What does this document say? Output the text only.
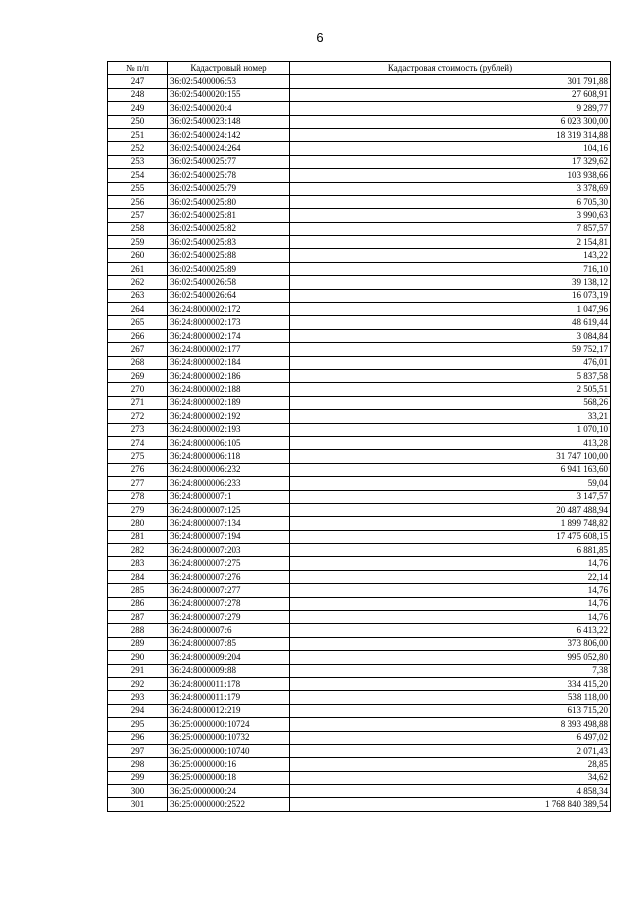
6
№ п/п	Кадастровый номер	Кадастровая стоимость (рублей)
247	36:02:5400006:53	301 791,88
248	36:02:5400020:155	27 608,91
249	36:02:5400020:4	9 289,77
250	36:02:5400023:148	6 023 300,00
251	36:02:5400024:142	18 319 314,88
252	36:02:5400024:264	104,16
253	36:02:5400025:77	17 329,62
254	36:02:5400025:78	103 938,66
255	36:02:5400025:79	3 378,69
256	36:02:5400025:80	6 705,30
257	36:02:5400025:81	3 990,63
258	36:02:5400025:82	7 857,57
259	36:02:5400025:83	2 154,81
260	36:02:5400025:88	143,22
261	36:02:5400025:89	716,10
262	36:02:5400026:58	39 138,12
263	36:02:5400026:64	16 073,19
264	36:24:8000002:172	1 047,96
265	36:24:8000002:173	48 619,44
266	36:24:8000002:174	3 084,84
267	36:24:8000002:177	59 752,17
268	36:24:8000002:184	476,01
269	36:24:8000002:186	5 837,58
270	36:24:8000002:188	2 505,51
271	36:24:8000002:189	568,26
272	36:24:8000002:192	33,21
273	36:24:8000002:193	1 070,10
274	36:24:8000006:105	413,28
275	36:24:8000006:118	31 747 100,00
276	36:24:8000006:232	6 941 163,60
277	36:24:8000006:233	59,04
278	36:24:8000007:1	3 147,57
279	36:24:8000007:125	20 487 488,94
280	36:24:8000007:134	1 899 748,82
281	36:24:8000007:194	17 475 608,15
282	36:24:8000007:203	6 881,85
283	36:24:8000007:275	14,76
284	36:24:8000007:276	22,14
285	36:24:8000007:277	14,76
286	36:24:8000007:278	14,76
287	36:24:8000007:279	14,76
288	36:24:8000007:6	6 413,22
289	36:24:8000007:85	373 806,00
290	36:24:8000009:204	995 052,80
291	36:24:8000009:88	7,38
292	36:24:8000011:178	334 415,20
293	36:24:8000011:179	538 118,00
294	36:24:8000012:219	613 715,20
295	36:25:0000000:10724	8 393 498,88
296	36:25:0000000:10732	6 497,02
297	36:25:0000000:10740	2 071,43
298	36:25:0000000:16	28,85
299	36:25:0000000:18	34,62
300	36:25:0000000:24	4 858,34
301	36:25:0000000:2522	1 768 840 389,54
